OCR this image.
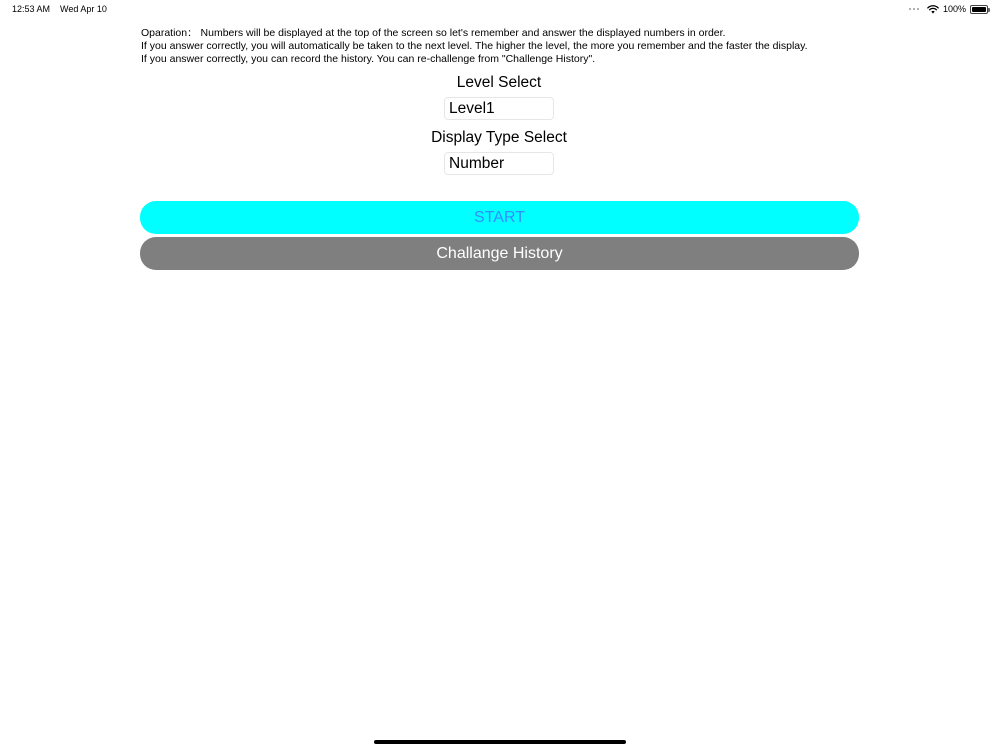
12:53 AM Wed Apr 10	100%

Oparation： Numbers will be displayed at the top of the screen so let's remember and answer the displayed numbers in order.

If you answer correctly, you will automatically be taken to the next level. The higher the level, the more you remember and the faster the display.

If you answer correctly, you can record the history. You can re-challenge from "Challenge History".

Level Select
Level1
Display Type Select
Number
START
Challange History
